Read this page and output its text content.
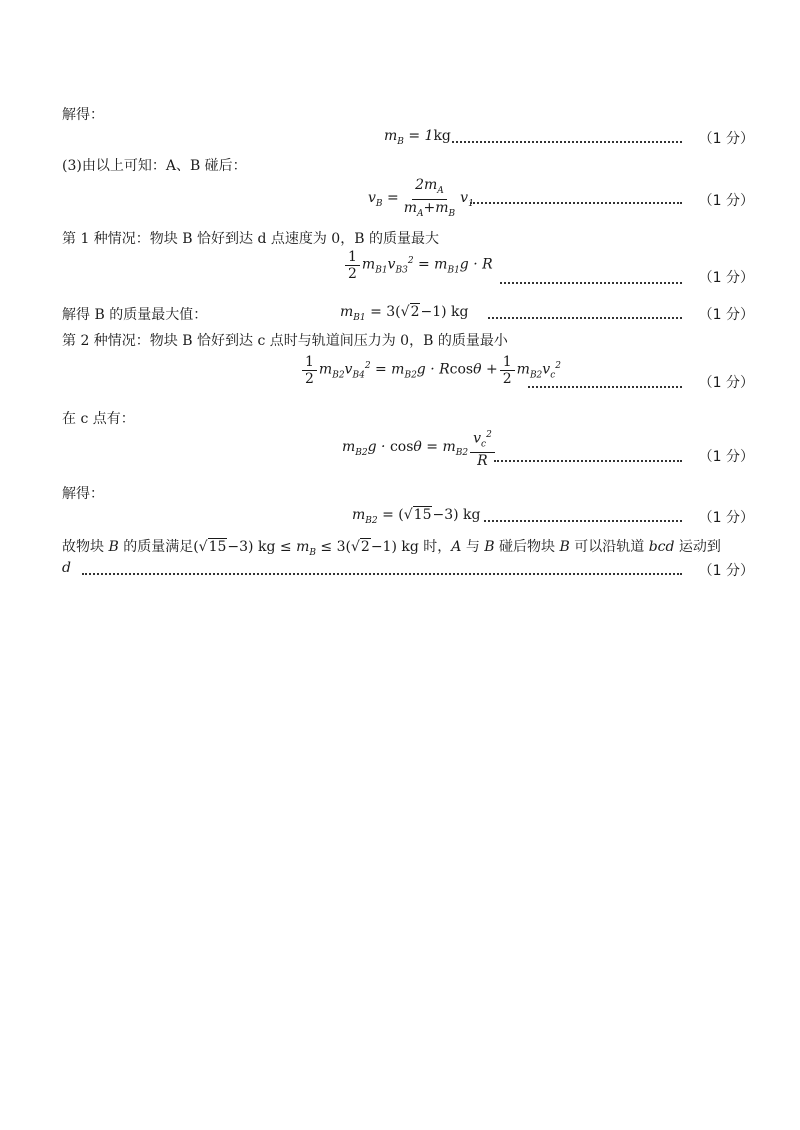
解得：
$m_B = 1kg$	（1 分）
(3)由以上可知：A、B 碰后：
$v_B = \frac{2m_A}{m_A+m_B} v_1$	（1 分）
第 1 种情况：物块 B 恰好到达 d 点速度为 0，B 的质量最大
$\frac{1}{2} m_{B1}v_{B3}^2 = m_{B1}g \cdot R$
（1 分）
解得 B 的质量最大值：	$m_{B1} = 3(√2-1)$ kg	（1 分）
第 2 种情况：物块 B 恰好到达 c 点时与轨道间压力为 0，B 的质量最小
$\frac{1}{2} m_{B2}v_{B4}^2 = m_{B2}g \cdot Rcos\theta + \frac{1}{2} m_{B2}v_c^2$
（1 分）
在 c 点有：
$m_{B2}g \cdot \cos\theta = m_{B2} \frac{v_c^2}{R}$	（1 分）
解得：
$m_{B2} = (√15-3)$ kg	（1 分）
故物块 B 的质量满足(√15−3) kg ≤ $m_B \le 3(√2-1)$ kg 时，A 与 B 碰后物块 B 可以沿轨道 bcd 运动到
d	（1 分）
